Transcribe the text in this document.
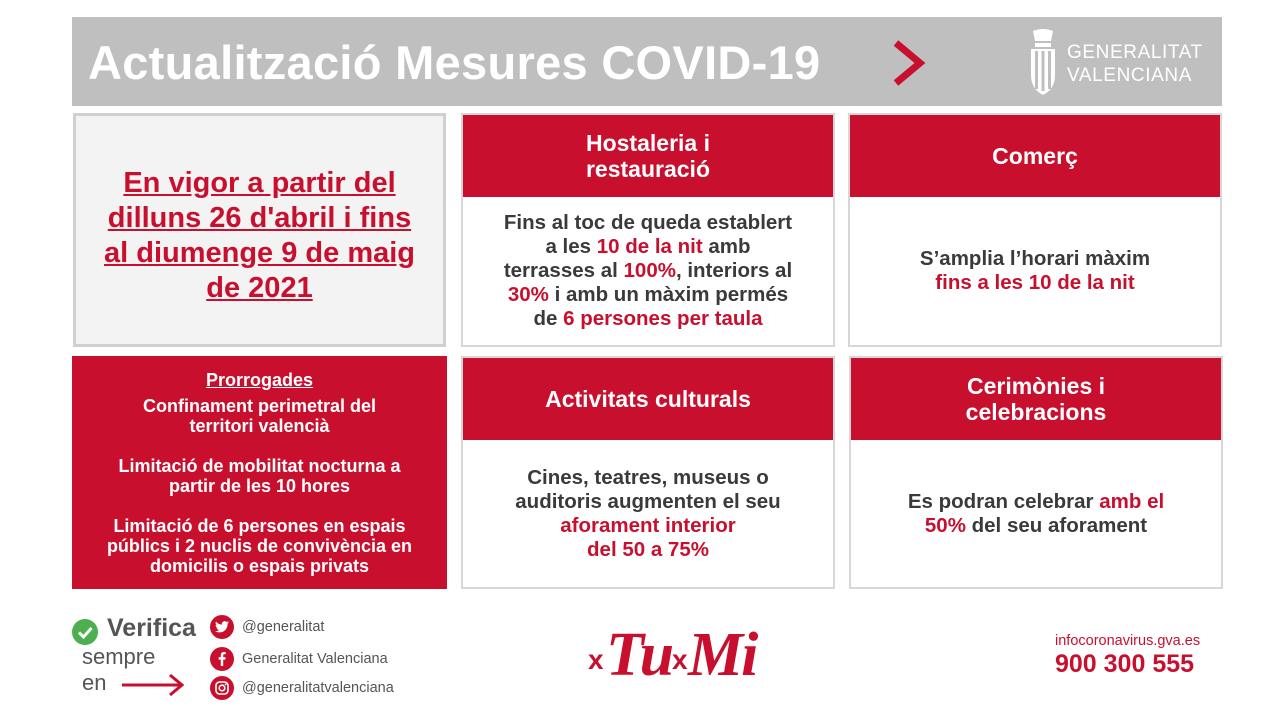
Actualització Mesures COVID-19	GENERALITAT
VALENCIANA
En vigor a partir del dilluns 26 d'abril i fins al diumenge 9 de maig de 2021
Hostaleria i
restauració
Fins al toc de queda establert
a les 10 de la nit amb
terrasses al 100%, interiors al
30% i amb un màxim permés
de 6 persones per taula
Comerç
S’amplia l’horari màxim
fins a les 10 de la nit
Prorrogades
Confinament perimetral del
territori valencià
Limitació de mobilitat nocturna a
partir de les 10 hores
Limitació de 6 persones en espais
públics i 2 nuclis de convivència en
domicilis o espais privats
Activitats culturals
Cines, teatres, museus o
auditoris augmenten el seu
aforament interior
del 50 a 75%
Cerimònies i
celebracions
Es podran celebrar amb el
50% del seu aforament
Verifica
sempre
en
@generalitat
Generalitat Valenciana
@generalitatvalenciana
x Tu x Mi	infocoronavirus.gva.es
900 300 555
